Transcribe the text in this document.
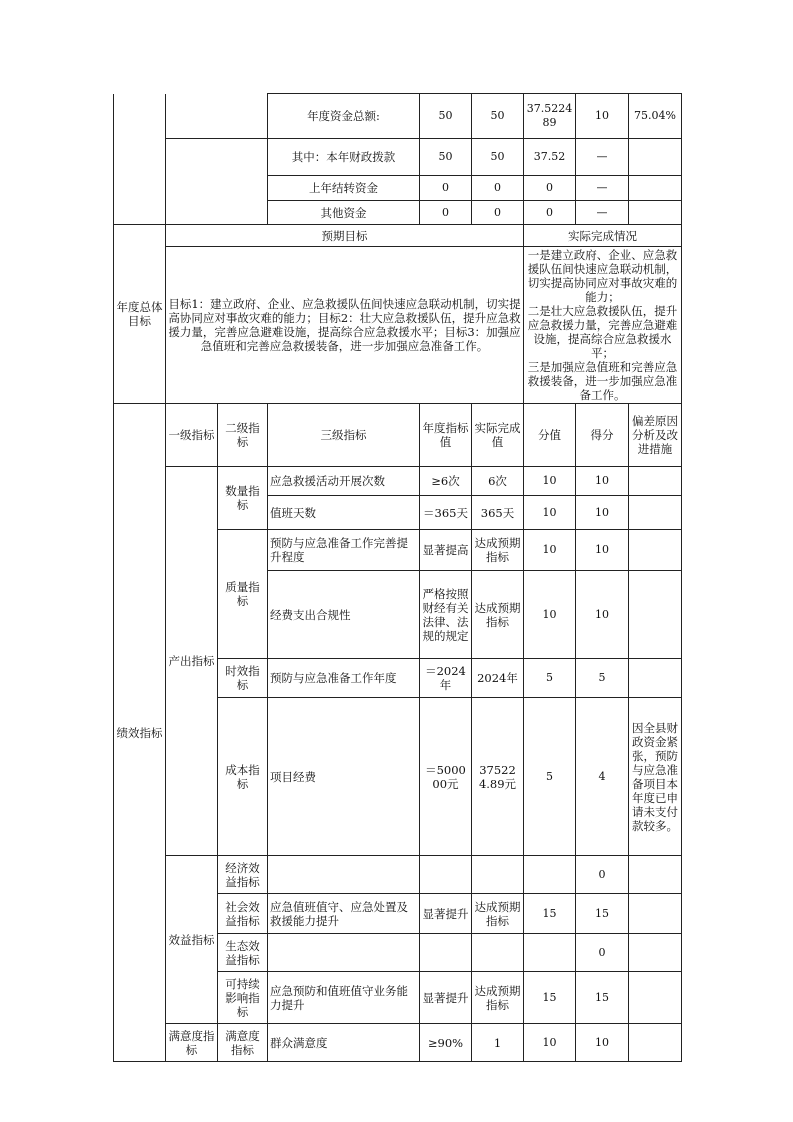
			年度资金总额:	50	50	37.522489	10	75.04%	
			其中：本年财政拨款	50	50	37.52	—		
			上年结转资金	0	0	0	—		
			其他资金	0	0	0	—		
年度总体目标	预期目标					实际完成情况			
	目标1：建立政府、企业、应急救援队伍间快速应急联动机制，切实提高协同应对事故灾难的能力；目标2：壮大应急救援队伍，提升应急救援力量，完善应急避难设施，提高综合应急救援水平；目标3：加强应急值班和完善应急救援装备，进一步加强应急准备工作。					一是建立政府、企业、应急救援队伍间快速应急联动机制，切实提高协同应对事故灾难的能力；
二是壮大应急救援队伍，提升应急救援力量，完善应急避难设施，提高综合应急救援水平；
三是加强应急值班和完善应急救援装备，进一步加强应急准备工作。			

绩效指标	一级指标	二级指标	三级指标	年度指标值	实际完成值	分值	得分	偏差原因分析及改进措施	
	产出指标	数量指标	应急救援活动开展次数	≥6次	6次	10	10		
			值班天数	＝365天	365天	10	10		
		质量指标	预防与应急准备工作完善提升程度	显著提高	达成预期指标	10	10		
			经费支出合规性	严格按照财经有关法律、法规的规定	达成预期指标	10	10		
		时效指标	预防与应急准备工作年度	＝2024年	2024年	5	5		
		成本指标	项目经费	＝500000元	375224.89元	5	4	因全县财政资金紧张，预防与应急准备项目本年度已申请未支付款较多。	
	效益指标	经济效益指标					0		
		社会效益指标	应急值班值守、应急处置及救援能力提升	显著提升	达成预期指标	15	15		
		生态效益指标					0		
		可持续影响指标	应急预防和值班值守业务能力提升	显著提升	达成预期指标	15	15		
	满意度指标	满意度指标	群众满意度	≥90%	1	10	10		
